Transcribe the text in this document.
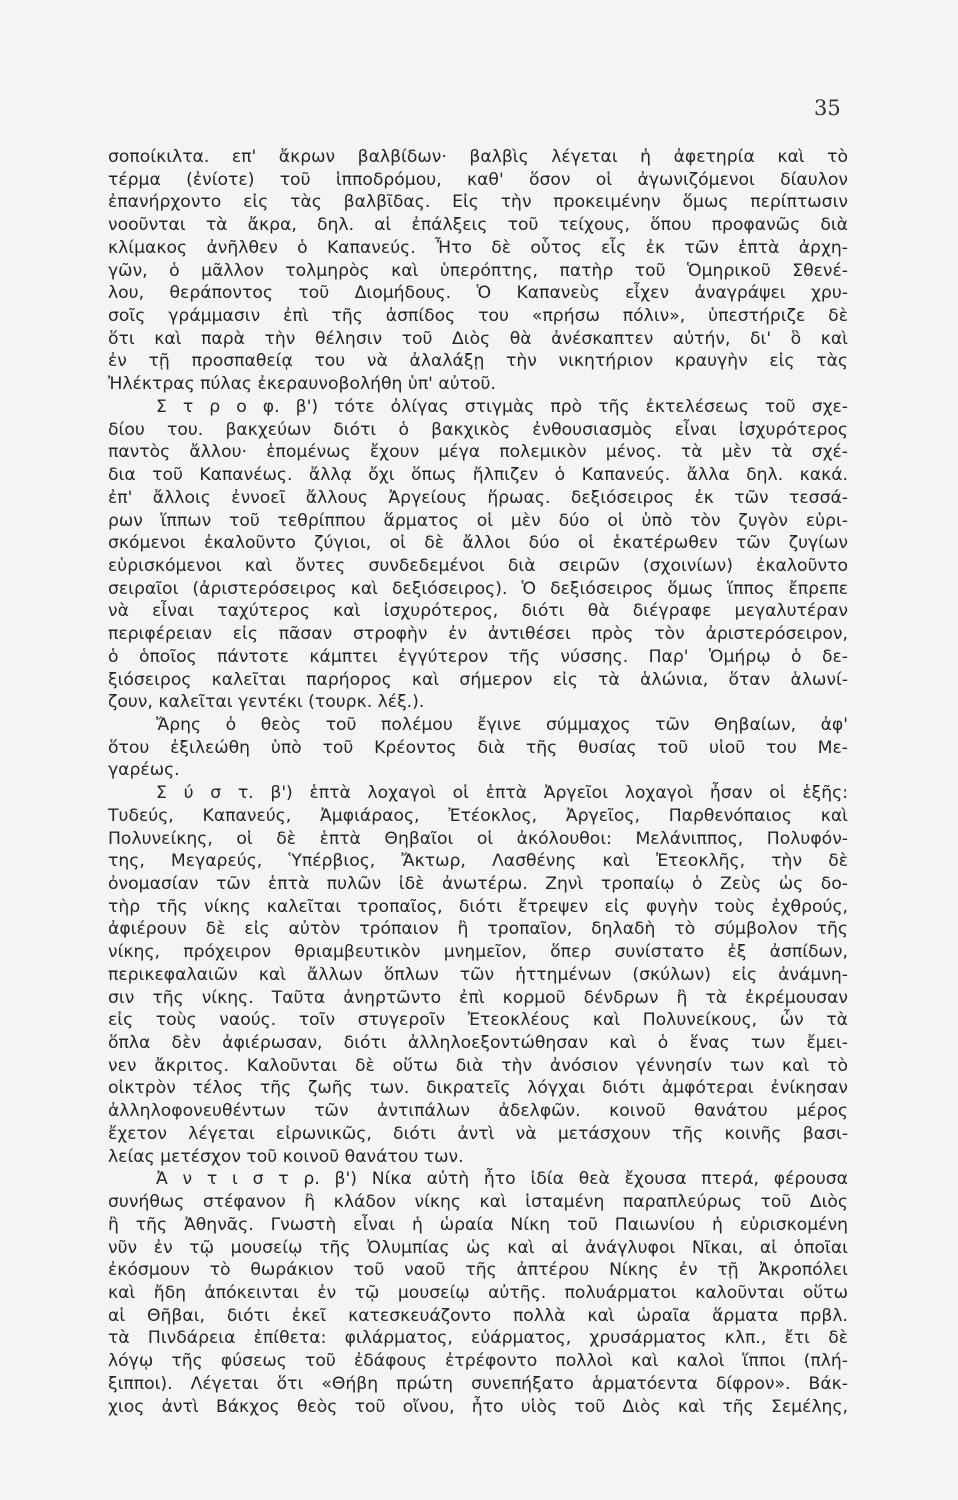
35
σοποίκιλτα. επ' ἄκρων βαλβίδων· βαλβὶς λέγεται ἡ ἀφετηρία καὶ τὸ
τέρμα (ἐνίοτε) τοῦ ἱπποδρόμου, καθ' ὅσον οἱ ἀγωνιζόμενοι δίαυλον
ἐπανήρχοντο εἰς τὰς βαλβῖδας. Εἰς τὴν προκειμένην ὅμως περίπτωσιν
νοοῦνται τὰ ἄκρα, δηλ. αἱ ἐπάλξεις τοῦ τείχους, ὅπου προφανῶς διὰ
κλίμακος ἀνῆλθεν ὁ Καπανεύς. Ἦτο δὲ οὗτος εἷς ἐκ τῶν ἑπτὰ ἀρχη-
γῶν, ὁ μᾶλλον τολμηρὸς καὶ ὑπερόπτης, πατὴρ τοῦ Ὁμηρικοῦ Σθενέ-
λου, θεράποντος τοῦ Διομήδους. Ὁ Καπανεὺς εἶχεν ἀναγράψει χρυ-
σοῖς γράμμασιν ἐπὶ τῆς ἀσπίδος του «πρήσω πόλιν», ὑπεστήριζε δὲ
ὅτι καὶ παρὰ τὴν θέλησιν τοῦ Διὸς θὰ ἀνέσκαπτεν αὐτήν, δι' ὃ καὶ
ἐν τῇ προσπαθείᾳ του νὰ ἀλαλάξῃ τὴν νικητήριον κραυγὴν εἰς τὰς
Ἠλέκτρας πύλας ἐκεραυνοβολήθη ὑπ' αὐτοῦ.
Σ τ ρ ο φ. β') τότε ὀλίγας στιγμὰς πρὸ τῆς ἐκτελέσεως τοῦ σχε-
δίου του. βακχεύων διότι ὁ βακχικὸς ἐνθουσιασμὸς εἶναι ἰσχυρότερος
παντὸς ἄλλου· ἑπομένως ἔχουν μέγα πολεμικὸν μένος. τὰ μὲν τὰ σχέ-
δια τοῦ Καπανέως. ἄλλᾳ ὄχι ὅπως ἤλπιζεν ὁ Καπανεύς. ἄλλα δηλ. κακά.
ἐπ' ἄλλοις ἐννοεῖ ἄλλους Ἀργείους ἥρωας. δεξιόσειρος ἐκ τῶν τεσσά-
ρων ἵππων τοῦ τεθρίππου ἅρματος οἱ μὲν δύο οἱ ὑπὸ τὸν ζυγὸν εὑρι-
σκόμενοι ἐκαλοῦντο ζύγιοι, οἱ δὲ ἄλλοι δύο οἱ ἑκατέρωθεν τῶν ζυγίων
εὑρισκόμενοι καὶ ὄντες συνδεδεμένοι διὰ σειρῶν (σχοινίων) ἐκαλοῦντο
σειραῖοι (ἀριστερόσειρος καὶ δεξιόσειρος). Ὁ δεξιόσειρος ὅμως ἵππος ἔπρεπε
νὰ εἶναι ταχύτερος καὶ ἰσχυρότερος, διότι θὰ διέγραφε μεγαλυτέραν
περιφέρειαν εἰς πᾶσαν στροφὴν ἐν ἀντιθέσει πρὸς τὸν ἀριστερόσειρον,
ὁ ὁποῖος πάντοτε κάμπτει ἐγγύτερον τῆς νύσσης. Παρ' Ὁμήρῳ ὁ δε-
ξιόσειρος καλεῖται παρήορος καὶ σήμερον εἰς τὰ ἁλώνια, ὅταν ἁλωνί-
ζουν, καλεῖται γεντέκι (τουρκ. λέξ.).
Ἄρης ὁ θεὸς τοῦ πολέμου ἔγινε σύμμαχος τῶν Θηβαίων, ἀφ'
ὅτου ἐξιλεώθη ὑπὸ τοῦ Κρέοντος διὰ τῆς θυσίας τοῦ υἱοῦ του Με-
γαρέως.
Σ ύ σ τ. β') ἑπτὰ λοχαγοὶ οἱ ἑπτὰ Ἀργεῖοι λοχαγοὶ ἦσαν οἱ ἑξῆς:
Τυδεύς, Καπανεύς, Ἀμφιάραος, Ἐτέοκλος, Ἀργεῖος, Παρθενόπαιος καὶ
Πολυνείκης, οἱ δὲ ἑπτὰ Θηβαῖοι οἱ ἀκόλουθοι: Μελάνιππος, Πολυφόν-
της, Μεγαρεύς, Ὑπέρβιος, Ἄκτωρ, Λασθένης καὶ Ἐτεοκλῆς, τὴν δὲ
ὀνομασίαν τῶν ἑπτὰ πυλῶν ἰδὲ ἀνωτέρω. Ζηνὶ τροπαίῳ ὁ Ζεὺς ὡς δο-
τὴρ τῆς νίκης καλεῖται τροπαῖος, διότι ἔτρεψεν εἰς φυγὴν τοὺς ἐχθρούς,
ἀφιέρουν δὲ εἰς αὐτὸν τρόπαιον ἢ τροπαῖον, δηλαδὴ τὸ σύμβολον τῆς
νίκης, πρόχειρον θριαμβευτικὸν μνημεῖον, ὅπερ συνίστατο ἐξ ἀσπίδων,
περικεφαλαιῶν καὶ ἄλλων ὅπλων τῶν ἡττημένων (σκύλων) εἰς ἀνάμνη-
σιν τῆς νίκης. Ταῦτα ἀνηρτῶντο ἐπὶ κορμοῦ δένδρων ἢ τὰ ἐκρέμουσαν
εἰς τοὺς ναούς. τοῖν στυγεροῖν Ἐτεοκλέους καὶ Πολυνείκους, ὧν τὰ
ὅπλα δὲν ἀφιέρωσαν, διότι ἀλληλοεξοντώθησαν καὶ ὁ ἕνας των ἔμει-
νεν ἄκριτος. Καλοῦνται δὲ οὕτω διὰ τὴν ἀνόσιον γέννησίν των καὶ τὸ
οἰκτρὸν τέλος τῆς ζωῆς των. δικρατεῖς λόγχαι διότι ἀμφότεραι ἐνίκησαν
ἀλληλοφονευθέντων τῶν ἀντιπάλων ἀδελφῶν. κοινοῦ θανάτου μέρος
ἔχετον λέγεται εἰρωνικῶς, διότι ἀντὶ νὰ μετάσχουν τῆς κοινῆς βασι-
λείας μετέσχον τοῦ κοινοῦ θανάτου των.
Ἀ ν τ ι σ τ ρ. β') Νίκα αὐτὴ ἦτο ἰδία θεὰ ἔχουσα πτερά, φέρουσα
συνήθως στέφανον ἢ κλάδον νίκης καὶ ἱσταμένη παραπλεύρως τοῦ Διὸς
ἢ τῆς Ἀθηνᾶς. Γνωστὴ εἶναι ἡ ὡραία Νίκη τοῦ Παιωνίου ἡ εὑρισκομένη
νῦν ἐν τῷ μουσείῳ τῆς Ὀλυμπίας ὡς καὶ αἱ ἀνάγλυφοι Νῖκαι, αἱ ὁποῖαι
ἐκόσμουν τὸ θωράκιον τοῦ ναοῦ τῆς ἀπτέρου Νίκης ἐν τῇ Ἀκροπόλει
καὶ ἤδη ἀπόκεινται ἐν τῷ μουσείῳ αὐτῆς. πολυάρματοι καλοῦνται οὕτω
αἱ Θῆβαι, διότι ἐκεῖ κατεσκευάζοντο πολλὰ καὶ ὡραῖα ἅρματα πρβλ.
τὰ Πινδάρεια ἐπίθετα: φιλάρματος, εὐάρματος, χρυσάρματος κλπ., ἔτι δὲ
λόγῳ τῆς φύσεως τοῦ ἐδάφους ἐτρέφοντο πολλοὶ καὶ καλοὶ ἵπποι (πλή-
ξιπποι). Λέγεται ὅτι «Θήβη πρώτη συνεπήξατο ἁρματόεντα δίφρον». Βάκ-
χιος ἀντὶ Βάκχος θεὸς τοῦ οἴνου, ἦτο υἱὸς τοῦ Διὸς καὶ τῆς Σεμέλης,
